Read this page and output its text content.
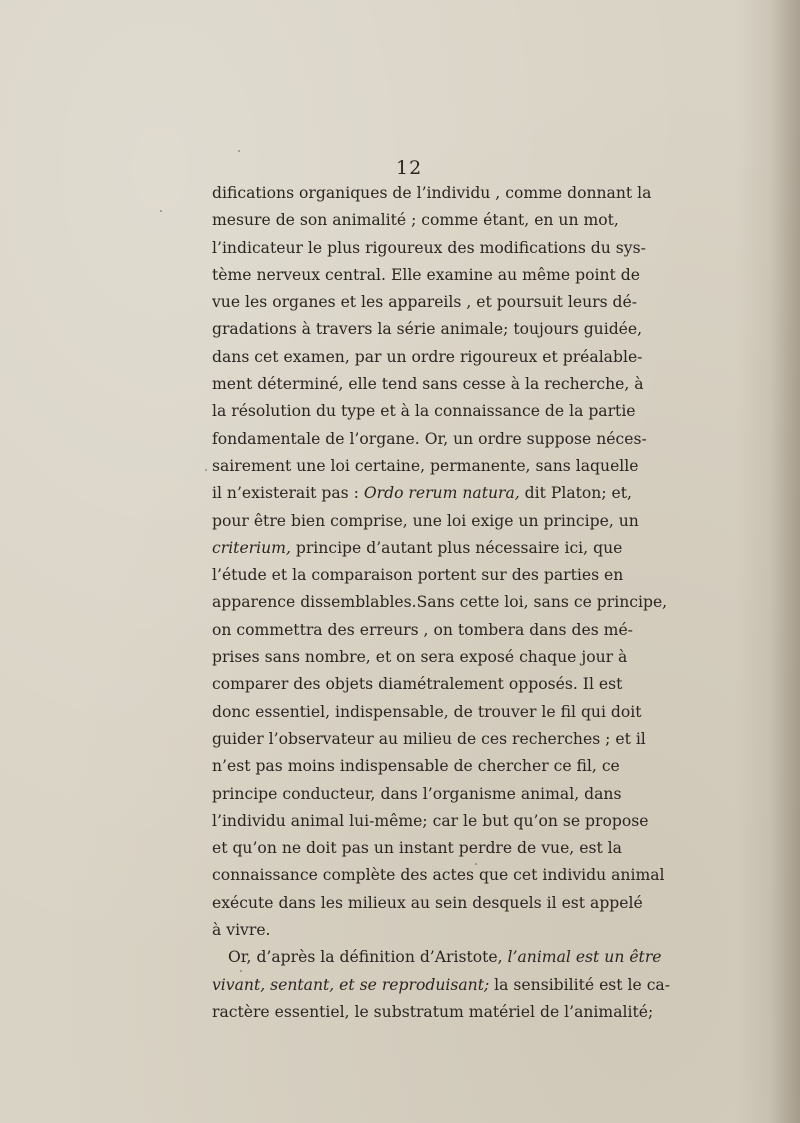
12
difications organiques de l’individu , comme donnant la
mesure de son animalité ; comme étant, en un mot,
l’indicateur le plus rigoureux des modifications du sys-
tème nerveux central. Elle examine au même point de
vue les organes et les appareils , et poursuit leurs dé-
gradations à travers la série animale; toujours guidée,
dans cet examen, par un ordre rigoureux et préalable-
ment déterminé, elle tend sans cesse à la recherche, à
la résolution du type et à la connaissance de la partie
fondamentale de l’organe. Or, un ordre suppose néces-
sairement une loi certaine, permanente, sans laquelle
il n’existerait pas : Ordo rerum natura, dit Platon; et,
pour être bien comprise, une loi exige un principe, un
criterium, principe d’autant plus nécessaire ici, que
l’étude et la comparaison portent sur des parties en
apparence dissemblables.Sans cette loi, sans ce principe,
on commettra des erreurs , on tombera dans des mé-
prises sans nombre, et on sera exposé chaque jour à
comparer des objets diamétralement opposés. Il est
donc essentiel, indispensable, de trouver le fil qui doit
guider l’observateur au milieu de ces recherches ; et il
n’est pas moins indispensable de chercher ce fil, ce
principe conducteur, dans l’organisme animal, dans
l’individu animal lui-même; car le but qu’on se propose
et qu’on ne doit pas un instant perdre de vue, est la
connaissance complète des actes que cet individu animal
exécute dans les milieux au sein desquels il est appelé
à vivre.
Or, d’après la définition d’Aristote, l’animal est un être
vivant, sentant, et se reproduisant; la sensibilité est le ca-
ractère essentiel, le substratum matériel de l’animalité;
